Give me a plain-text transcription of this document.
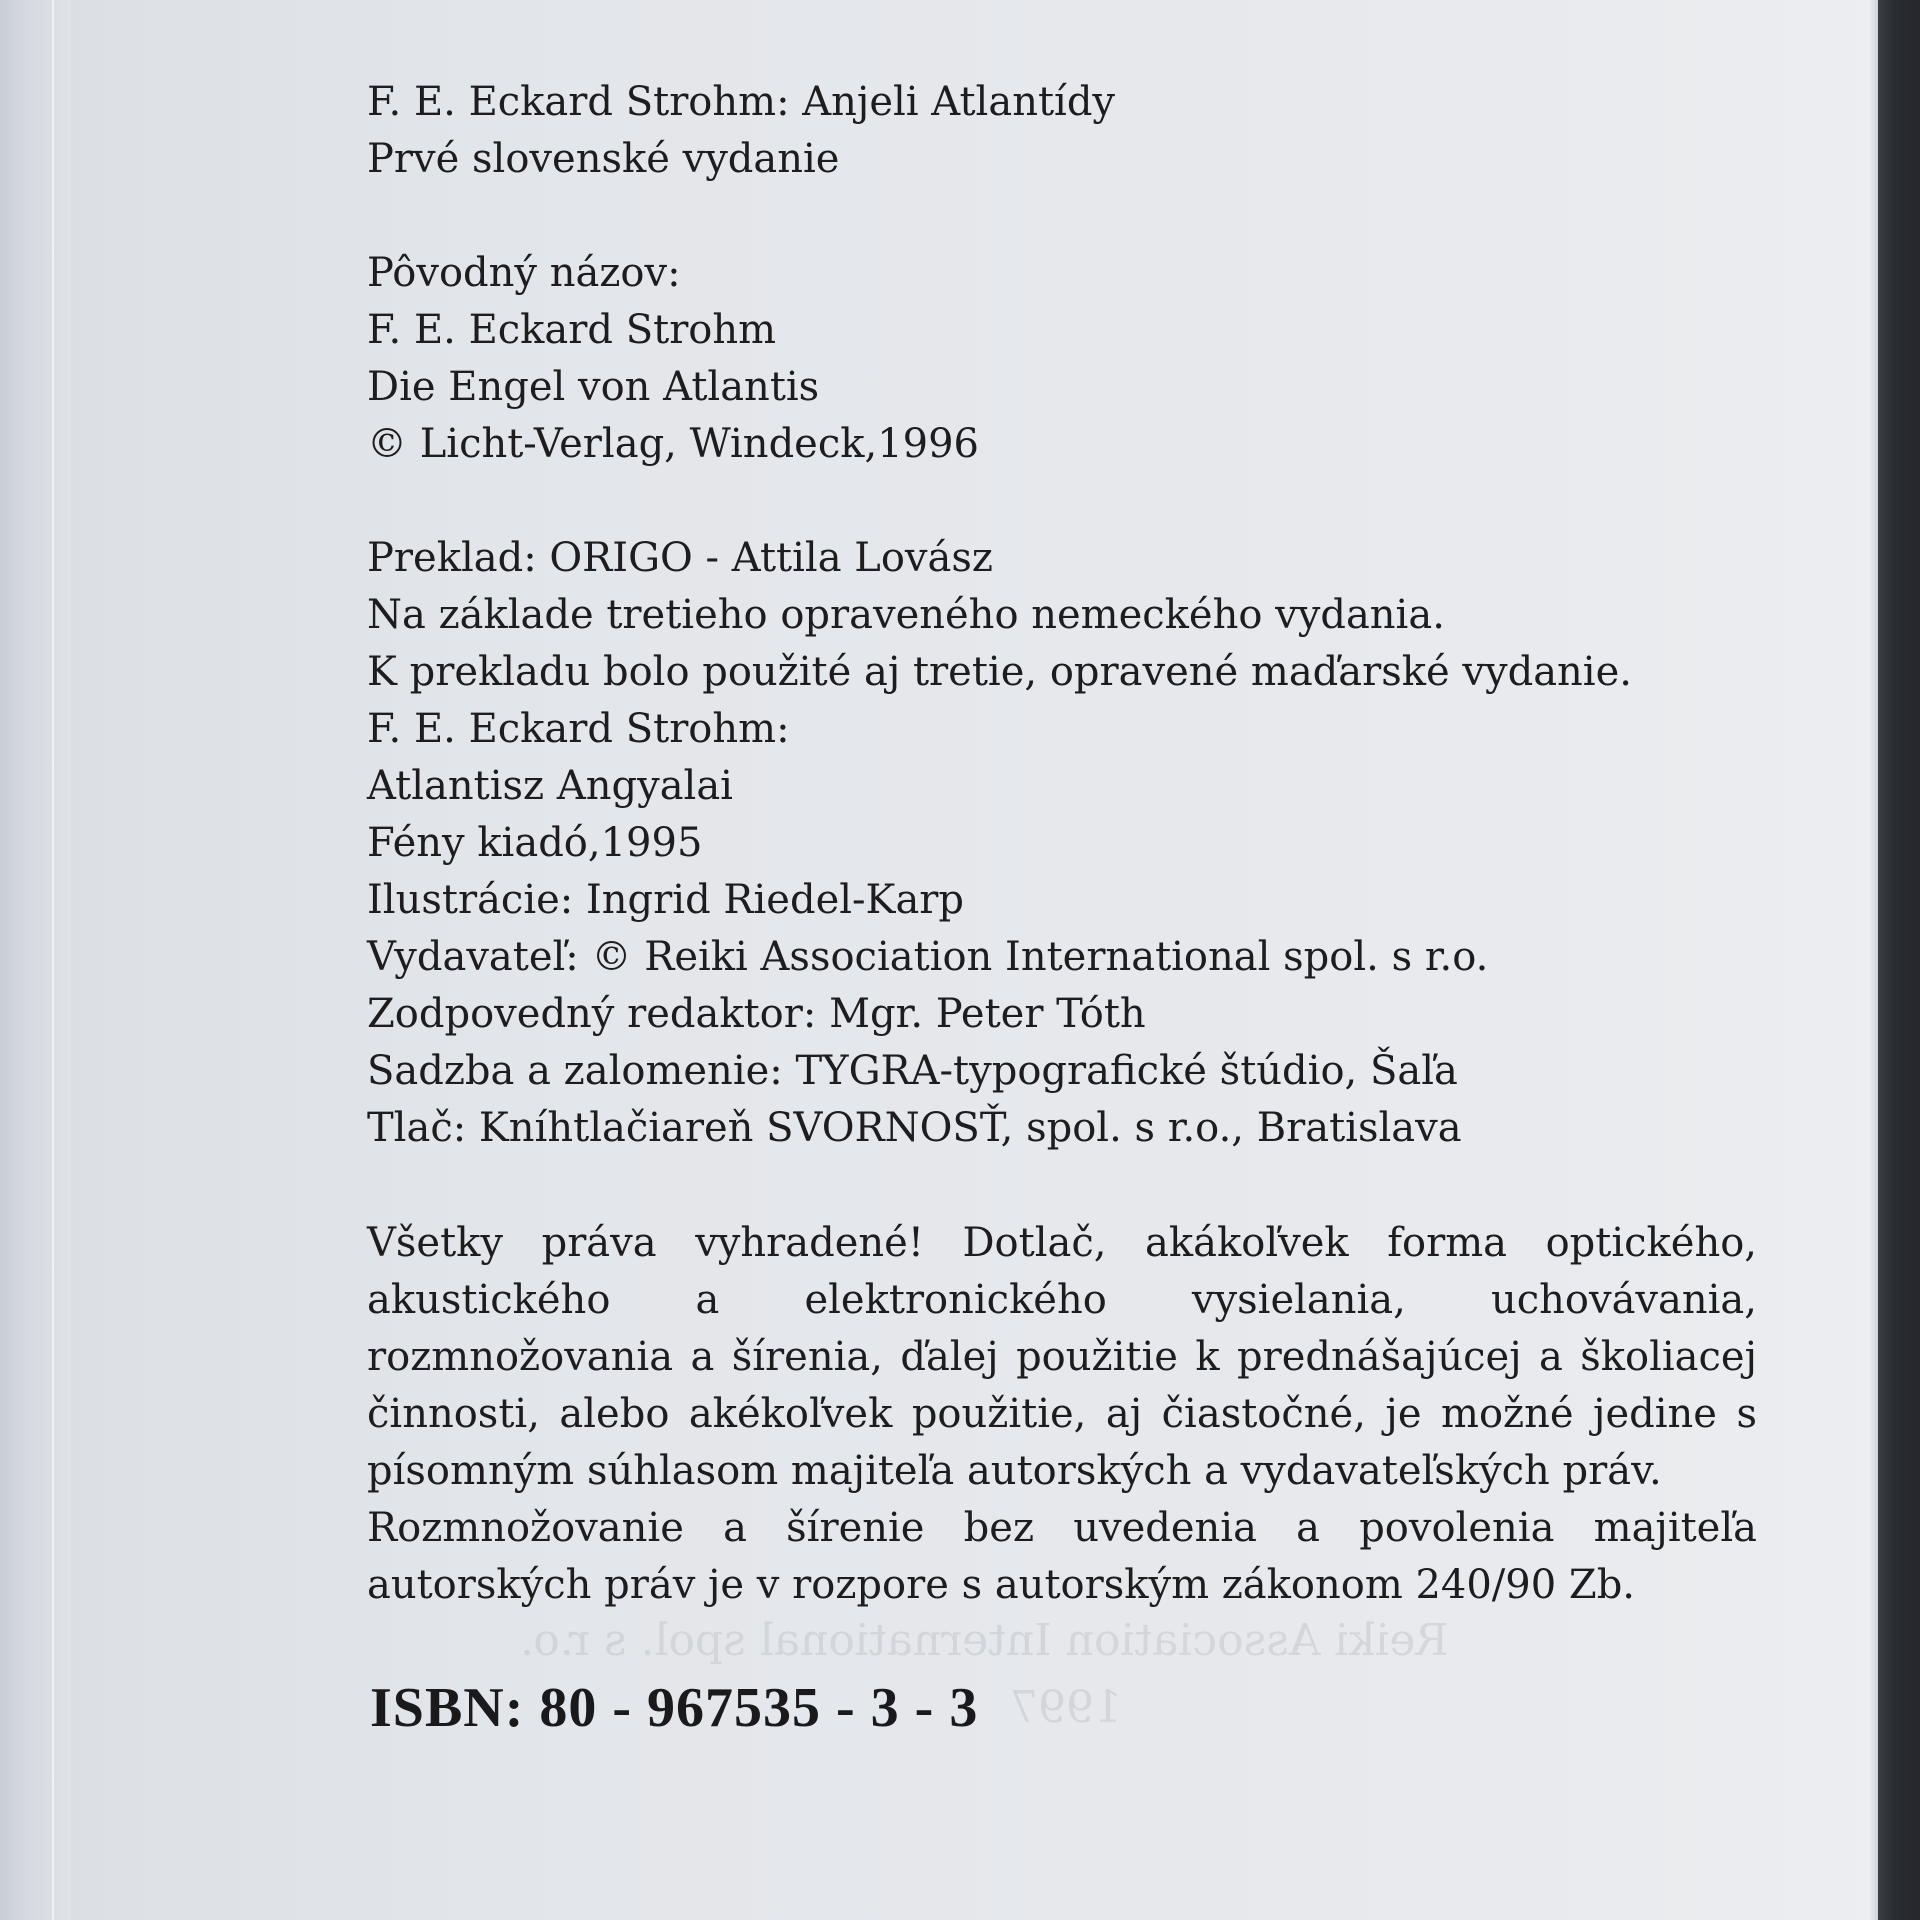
Reiki Association International spol. s r.o.
1997
F. E. Eckard Strohm: Anjeli Atlantídy
Prvé slovenské vydanie
Pôvodný názov:
F. E. Eckard Strohm
Die Engel von Atlantis
© Licht-Verlag, Windeck,1996
Preklad: ORIGO - Attila Lovász
Na základe tretieho opraveného nemeckého vydania.
K prekladu bolo použité aj tretie, opravené maďarské vydanie.
F. E. Eckard Strohm:
Atlantisz Angyalai
Fény kiadó,1995
Ilustrácie: Ingrid Riedel-Karp
Vydavateľ: © Reiki Association International spol. s r.o.
Zodpovedný redaktor: Mgr. Peter Tóth
Sadzba a zalomenie: TYGRA-typografické štúdio, Šaľa
Tlač: Kníhtlačiareň SVORNOSŤ, spol. s r.o., Bratislava

Všetky práva vyhradené! Dotlač, akákoľvek forma optického, akustického a elektronického vysielania, uchovávania, rozmnožovania a šírenia, ďalej použitie k prednášajúcej a školiacej činnosti, alebo akékoľvek použitie, aj čiastočné, je možné jedine s písomným súhlasom majiteľa autorských a vydavateľských práv.

Rozmnožovanie a šírenie bez uvedenia a povolenia majiteľa autorských práv je v rozpore s autorským zákonom 240/90 Zb.

ISBN: 80 - 967535 - 3 - 3
